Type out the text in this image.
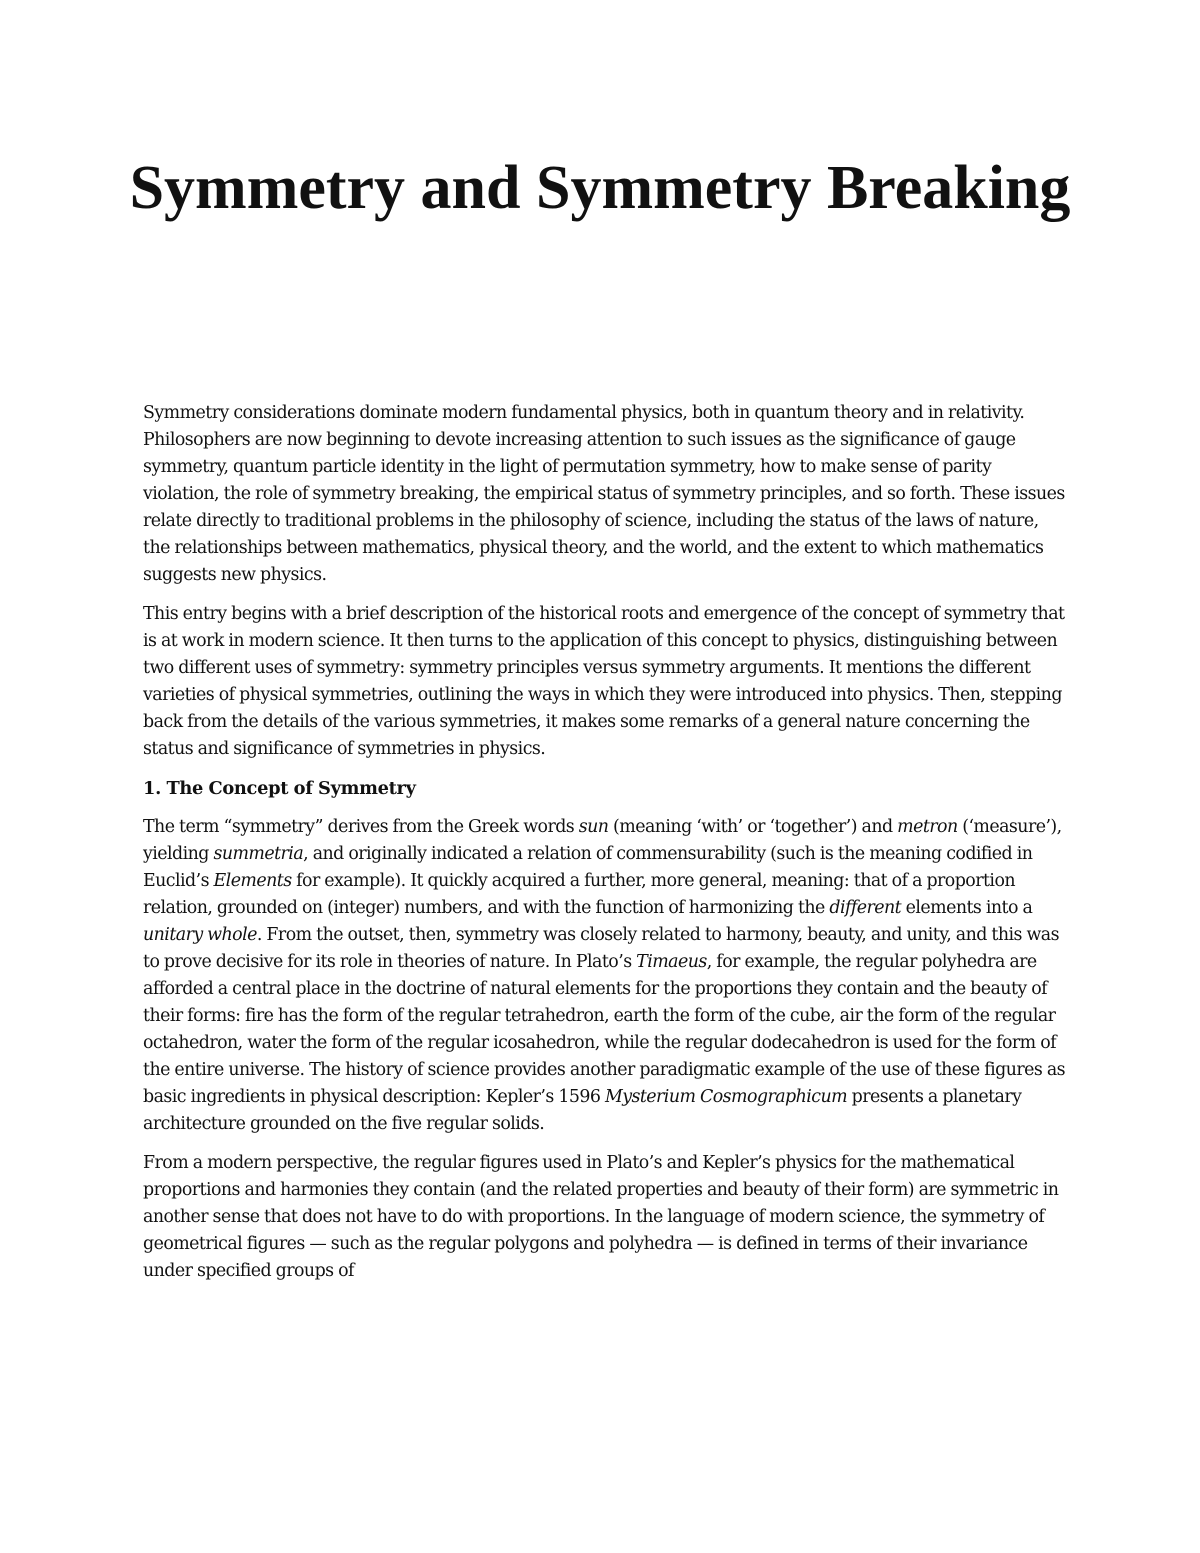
Symmetry and Symmetry Breaking

Symmetry considerations dominate modern fundamental physics, both in quantum theory and in relativity. Philosophers are now beginning to devote increasing attention to such issues as the significance of gauge symmetry, quantum particle identity in the light of permutation symmetry, how to make sense of parity violation, the role of symmetry breaking, the empirical status of symmetry principles, and so forth. These issues relate directly to traditional problems in the philosophy of science, including the status of the laws of nature, the relationships between mathematics, physical theory, and the world, and the extent to which mathematics suggests new physics.

This entry begins with a brief description of the historical roots and emergence of the concept of symmetry that is at work in modern science. It then turns to the application of this concept to physics, distinguishing between two different uses of symmetry: symmetry principles versus symmetry arguments. It mentions the different varieties of physical symmetries, outlining the ways in which they were introduced into physics. Then, stepping back from the details of the various symmetries, it makes some remarks of a general nature concerning the status and significance of symmetries in physics.

1. The Concept of Symmetry

The term “symmetry” derives from the Greek words sun (meaning ‘with’ or ‘together’) and metron (‘measure’), yielding summetria, and originally indicated a relation of commensurability (such is the meaning codified in Euclid’s Elements for example). It quickly acquired a further, more general, meaning: that of a proportion relation, grounded on (integer) numbers, and with the function of harmonizing the different elements into a unitary whole. From the outset, then, symmetry was closely related to harmony, beauty, and unity, and this was to prove decisive for its role in theories of nature. In Plato’s Timaeus, for example, the regular polyhedra are afforded a central place in the doctrine of natural elements for the proportions they contain and the beauty of their forms: fire has the form of the regular tetrahedron, earth the form of the cube, air the form of the regular octahedron, water the form of the regular icosahedron, while the regular dodecahedron is used for the form of the entire universe. The history of science provides another paradigmatic example of the use of these figures as basic ingredients in physical description: Kepler’s 1596 Mysterium Cosmographicum presents a planetary architecture grounded on the five regular solids.

From a modern perspective, the regular figures used in Plato’s and Kepler’s physics for the mathematical proportions and harmonies they contain (and the related properties and beauty of their form) are symmetric in another sense that does not have to do with proportions. In the language of modern science, the symmetry of geometrical figures — such as the regular polygons and polyhedra — is defined in terms of their invariance under specified groups of
